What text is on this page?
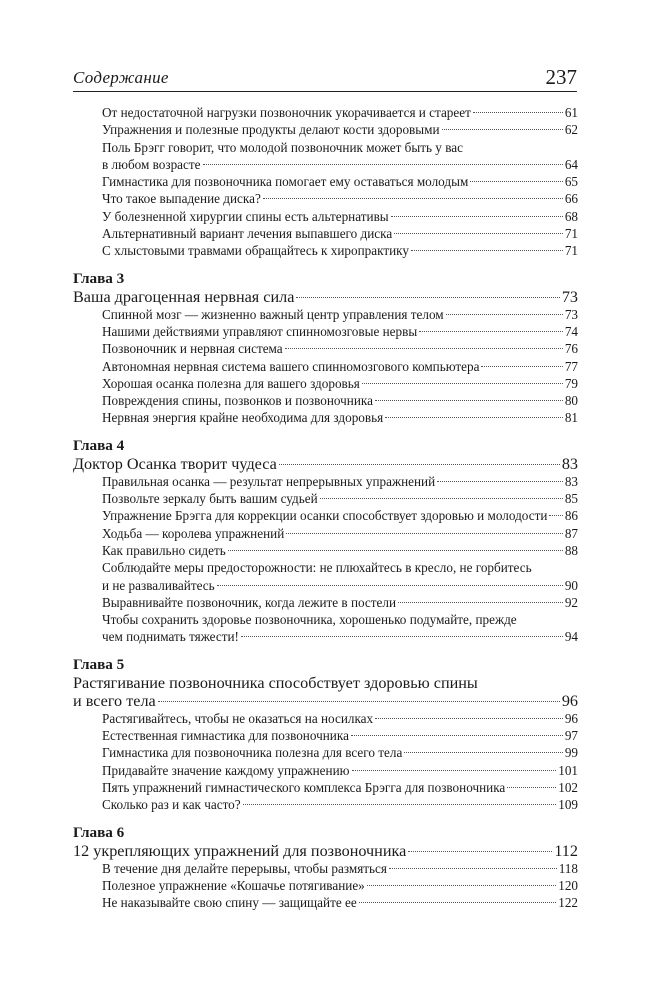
Содержание	237
От недостаточной нагрузки позвоночник укорачивается и стареет	61
Упражнения и полезные продукты делают кости здоровыми	62
Поль Брэгг говорит, что молодой позвоночник может быть у вас
в любом возрасте	64
Гимнастика для позвоночника помогает ему оставаться молодым	65
Что такое выпадение диска?	66
У болезненной хирургии спины есть альтернативы	68
Альтернативный вариант лечения выпавшего диска	71
С хлыстовыми травмами обращайтесь к хиропрактику	71
Глава 3
Ваша драгоценная нервная сила	73
Спинной мозг — жизненно важный центр управления телом	73
Нашими действиями управляют спинномозговые нервы	74
Позвоночник и нервная система	76
Автономная нервная система вашего спинномозгового компьютера	77
Хорошая осанка полезна для вашего здоровья	79
Повреждения спины, позвонков и позвоночника	80
Нервная энергия крайне необходима для здоровья	81
Глава 4
Доктор Осанка творит чудеса	83
Правильная осанка — результат непрерывных упражнений	83
Позвольте зеркалу быть вашим судьей	85
Упражнение Брэгга для коррекции осанки способствует здоровью и молодости 86
Ходьба — королева упражнений	87
Как правильно сидеть	88
Соблюдайте меры предосторожности: не плюхайтесь в кресло, не горбитесь
и не разваливайтесь	90
Выравнивайте позвоночник, когда лежите в постели	92
Чтобы сохранить здоровье позвоночника, хорошенько подумайте, прежде
чем поднимать тяжести!	94
Глава 5
Растягивание позвоночника способствует здоровью спины
и всего тела	96
Растягивайтесь, чтобы не оказаться на носилках	96
Естественная гимнастика для позвоночника	97
Гимнастика для позвоночника полезна для всего тела	99
Придавайте значение каждому упражнению	101
Пять упражнений гимнастического комплекса Брэгга для позвоночника	102
Сколько раз и как часто?	109
Глава 6
12 укрепляющих упражнений для позвоночника	112
В течение дня делайте перерывы, чтобы размяться	118
Полезное упражнение «Кошачье потягивание»	120
Не наказывайте свою спину — защищайте ее	122
